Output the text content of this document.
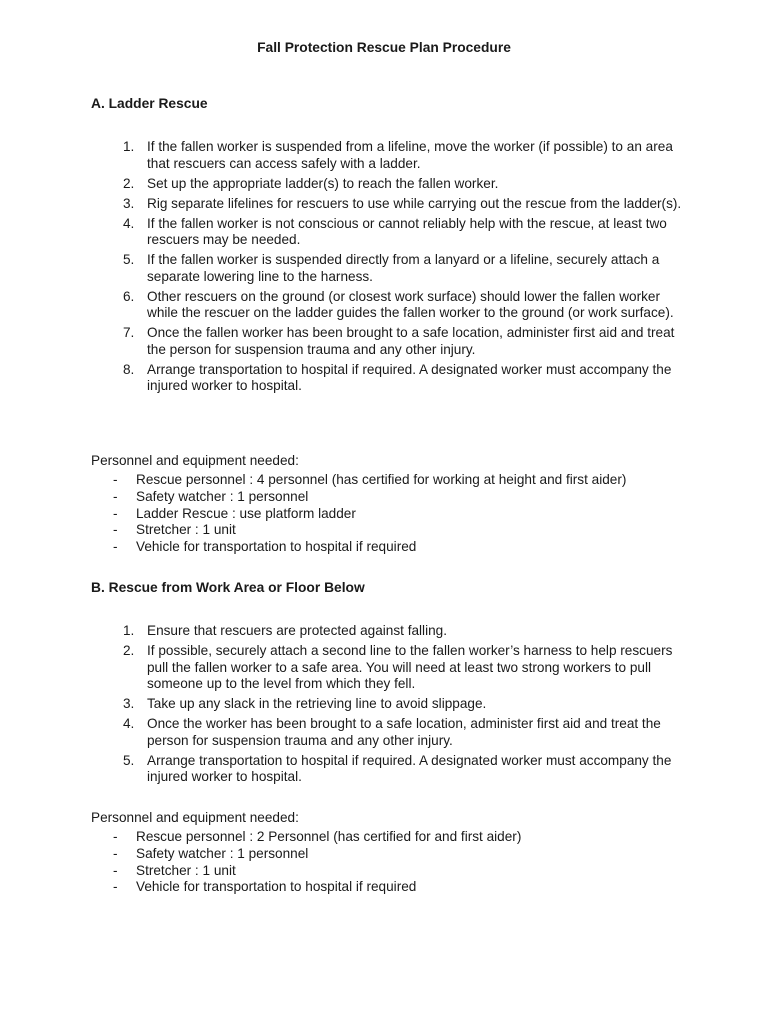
Fall Protection Rescue Plan Procedure
A. Ladder Rescue
1. If the fallen worker is suspended from a lifeline, move the worker (if possible) to an area that rescuers can access safely with a ladder.
2. Set up the appropriate ladder(s) to reach the fallen worker.
3. Rig separate lifelines for rescuers to use while carrying out the rescue from the ladder(s).
4. If the fallen worker is not conscious or cannot reliably help with the rescue, at least two rescuers may be needed.
5. If the fallen worker is suspended directly from a lanyard or a lifeline, securely attach a separate lowering line to the harness.
6. Other rescuers on the ground (or closest work surface) should lower the fallen worker while the rescuer on the ladder guides the fallen worker to the ground (or work surface).
7. Once the fallen worker has been brought to a safe location, administer first aid and treat the person for suspension trauma and any other injury.
8. Arrange transportation to hospital if required. A designated worker must accompany the injured worker to hospital.
Personnel and equipment needed:
- Rescue personnel : 4 personnel (has certified for working at height and first aider)
- Safety watcher : 1 personnel
- Ladder Rescue : use platform ladder
- Stretcher : 1 unit
- Vehicle for transportation to hospital if required
B. Rescue from Work Area or Floor Below
1. Ensure that rescuers are protected against falling.
2. If possible, securely attach a second line to the fallen worker’s harness to help rescuers pull the fallen worker to a safe area. You will need at least two strong workers to pull someone up to the level from which they fell.
3. Take up any slack in the retrieving line to avoid slippage.
4. Once the worker has been brought to a safe location, administer first aid and treat the person for suspension trauma and any other injury.
5. Arrange transportation to hospital if required. A designated worker must accompany the injured worker to hospital.
Personnel and equipment needed:
- Rescue personnel : 2 Personnel (has certified for and first aider)
- Safety watcher : 1 personnel
- Stretcher : 1 unit
- Vehicle for transportation to hospital if required
